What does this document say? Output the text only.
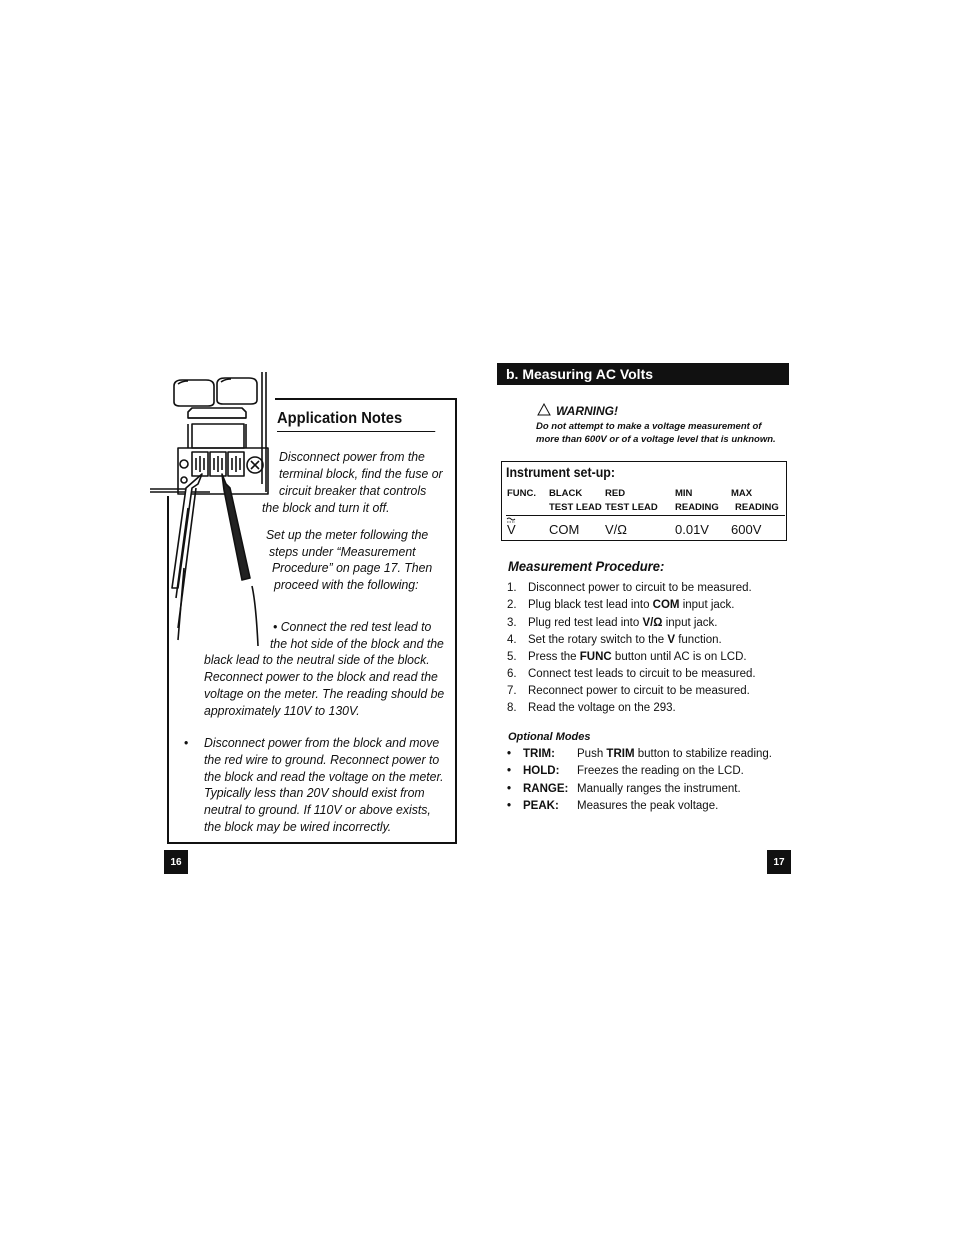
Application Notes
Disconnect power from the
terminal block, find the fuse or
circuit breaker that controls
the block and turn it off.
Set up the meter following the
steps under “Measurement
Procedure” on page 17. Then
proceed with the following:
• Connect the red test lead to
the hot side of the block and the
black lead to the neutral side of the block.
Reconnect power to the block and read the
voltage on the meter. The reading should be
approximately 110V to 130V.
• Disconnect power from the block and move
the red wire to ground. Reconnect power to
the block and read the voltage on the meter.
Typically less than 20V should exist from
neutral to ground. If 110V or above exists,
the block may be wired incorrectly.
16
b. Measuring AC Volts
WARNING!
Do not attempt to make a voltage measurement of
more than 600V or of a voltage level that is unknown.
Instrument set-up:
FUNC. BLACK
TEST LEAD
RED
TEST LEAD
MIN
READING
MAX
READING
V	COM V/Ω	0.01V 600V
Measurement Procedure:
1. Disconnect power to circuit to be measured.
2. Plug black test lead into COM input jack.
3. Plug red test lead into V/Ω input jack.
4. Set the rotary switch to the V function.
5. Press the FUNC button until AC is on LCD.
6. Connect test leads to circuit to be measured.
7. Reconnect power to circuit to be measured.
8. Read the voltage on the 293.
Optional Modes
• TRIM: Push TRIM button to stabilize reading.
• HOLD: Freezes the reading on the LCD.
• RANGE: Manually ranges the instrument.
• PEAK: Measures the peak voltage.
17
